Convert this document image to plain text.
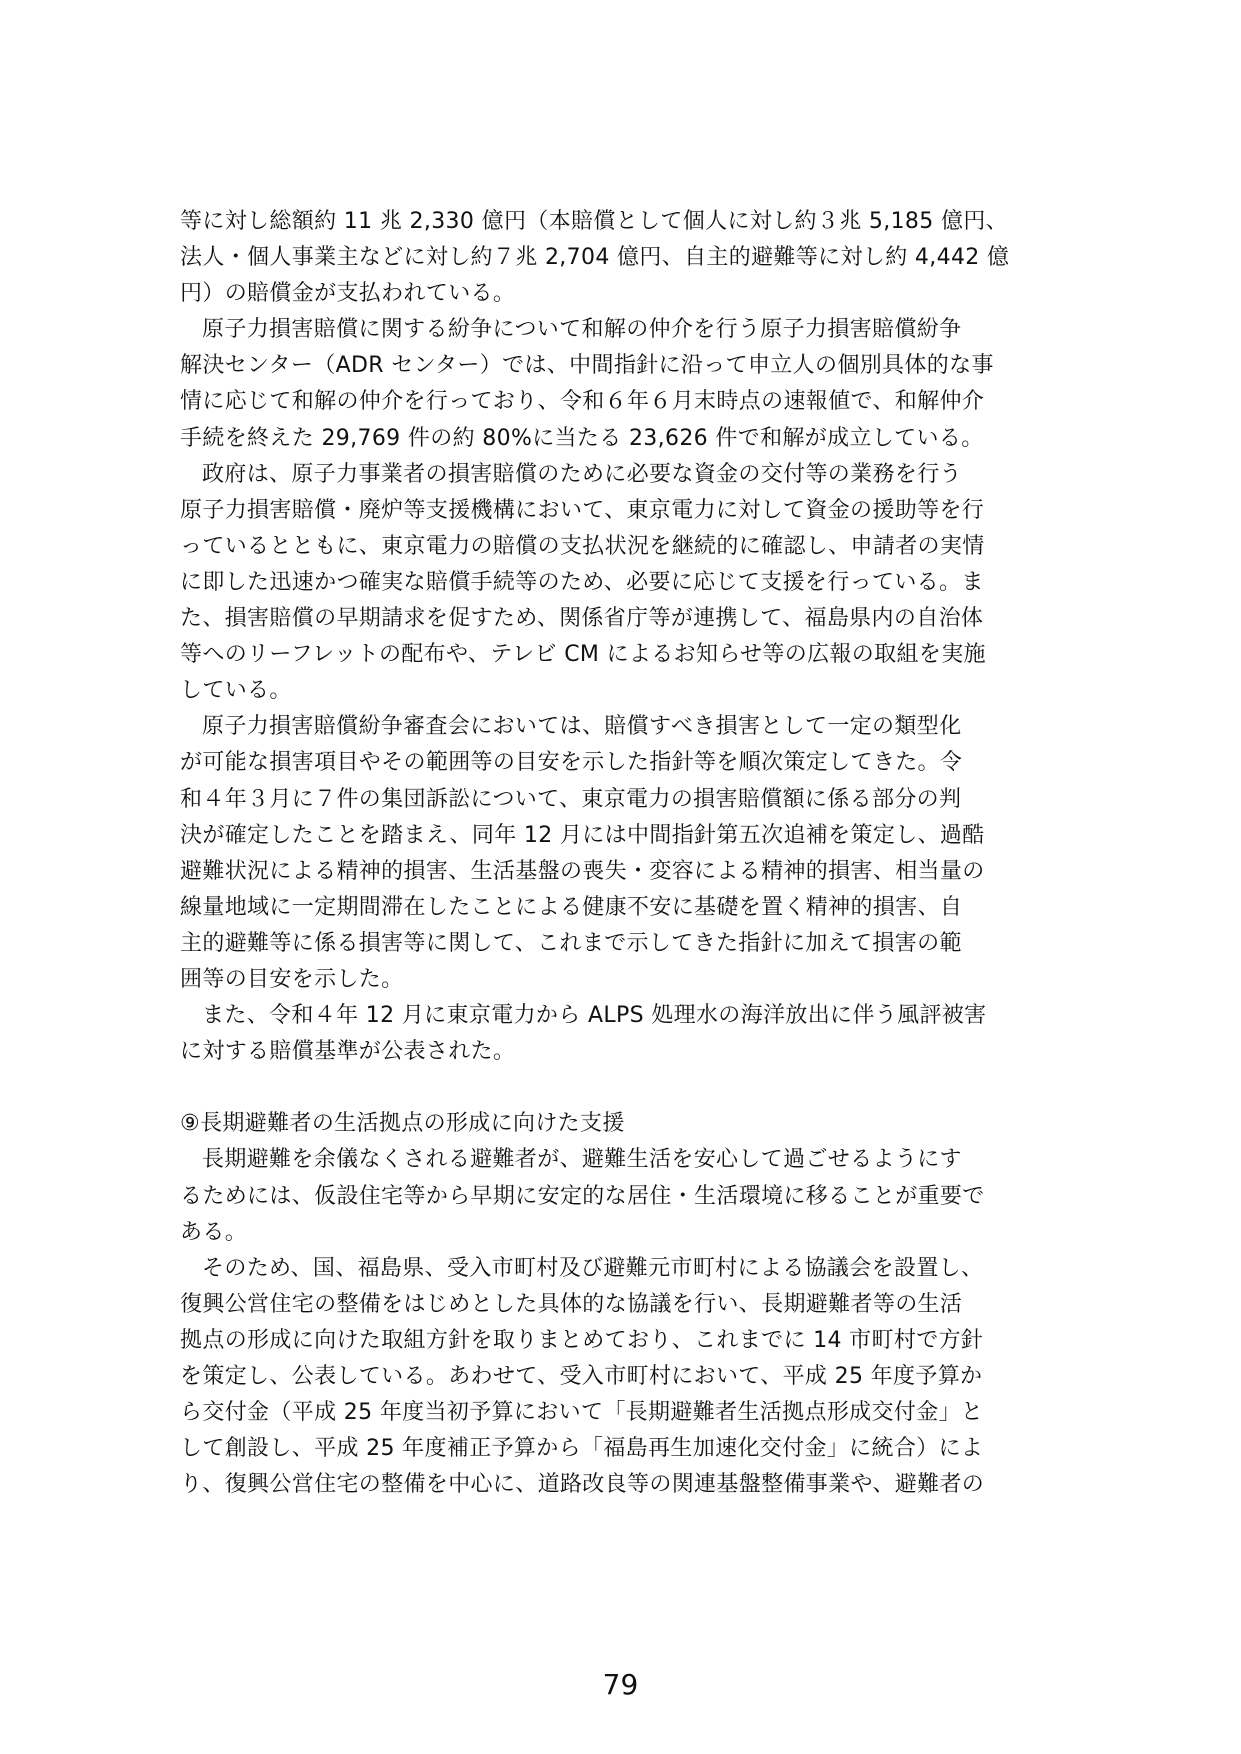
等に対し総額約 11 兆 2,330 億円（本賠償として個人に対し約３兆 5,185 億円、
法人・個人事業主などに対し約７兆 2,704 億円、自主的避難等に対し約 4,442 億
円）の賠償金が支払われている。
原子力損害賠償に関する紛争について和解の仲介を行う原子力損害賠償紛争
解決センター（ADR センター）では、中間指針に沿って申立人の個別具体的な事
情に応じて和解の仲介を行っており、令和６年６月末時点の速報値で、和解仲介
手続を終えた 29,769 件の約 80%に当たる 23,626 件で和解が成立している。
政府は、原子力事業者の損害賠償のために必要な資金の交付等の業務を行う
原子力損害賠償・廃炉等支援機構において、東京電力に対して資金の援助等を行
っているとともに、東京電力の賠償の支払状況を継続的に確認し、申請者の実情
に即した迅速かつ確実な賠償手続等のため、必要に応じて支援を行っている。ま
た、損害賠償の早期請求を促すため、関係省庁等が連携して、福島県内の自治体
等へのリーフレットの配布や、テレビ CM によるお知らせ等の広報の取組を実施
している。
原子力損害賠償紛争審査会においては、賠償すべき損害として一定の類型化
が可能な損害項目やその範囲等の目安を示した指針等を順次策定してきた。令
和４年３月に７件の集団訴訟について、東京電力の損害賠償額に係る部分の判
決が確定したことを踏まえ、同年 12 月には中間指針第五次追補を策定し、過酷
避難状況による精神的損害、生活基盤の喪失・変容による精神的損害、相当量の
線量地域に一定期間滞在したことによる健康不安に基礎を置く精神的損害、自
主的避難等に係る損害等に関して、これまで示してきた指針に加えて損害の範
囲等の目安を示した。
また、令和４年 12 月に東京電力から ALPS 処理水の海洋放出に伴う風評被害
に対する賠償基準が公表された。
⑨長期避難者の生活拠点の形成に向けた支援
長期避難を余儀なくされる避難者が、避難生活を安心して過ごせるようにす
るためには、仮設住宅等から早期に安定的な居住・生活環境に移ることが重要で
ある。
そのため、国、福島県、受入市町村及び避難元市町村による協議会を設置し、
復興公営住宅の整備をはじめとした具体的な協議を行い、長期避難者等の生活
拠点の形成に向けた取組方針を取りまとめており、これまでに 14 市町村で方針
を策定し、公表している。あわせて、受入市町村において、平成 25 年度予算か
ら交付金（平成 25 年度当初予算において「長期避難者生活拠点形成交付金」と
して創設し、平成 25 年度補正予算から「福島再生加速化交付金」に統合）によ
り、復興公営住宅の整備を中心に、道路改良等の関連基盤整備事業や、避難者の
79
